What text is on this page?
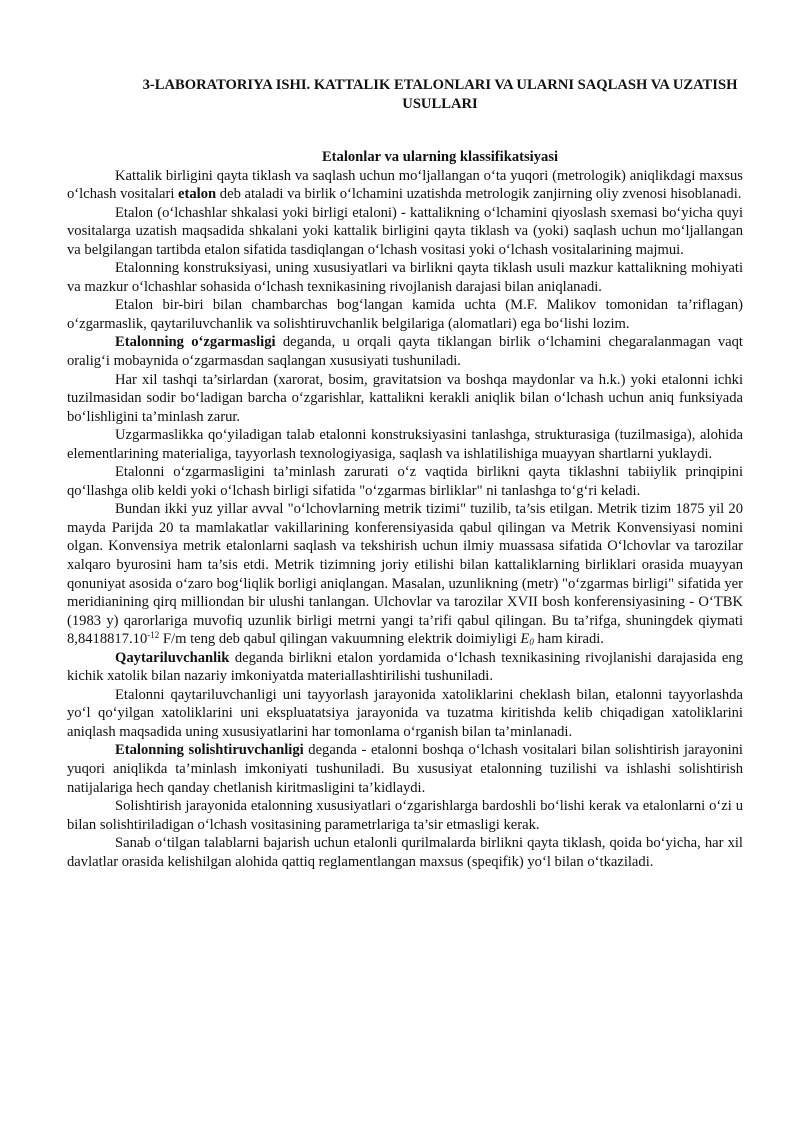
3-LABORATORIYA ISHI. KATTALIK ETALONLARI VA ULARNI SAQLASH VA UZATISH USULLARI
Etalonlar va ularning klassifikatsiyasi

Kattalik birligini qayta tiklash va saqlash uchun mo‘ljallangan o‘ta yuqori (metrologik) aniqlikdagi maxsus o‘lchash vositalari etalon deb ataladi va birlik o‘lchamini uzatishda metrologik zanjirning oliy zvenosi hisoblanadi.

Etalon (o‘lchashlar shkalasi yoki birligi etaloni) - kattalikning o‘lchamini qiyoslash sxemasi bo‘yicha quyi vositalarga uzatish maqsadida shkalani yoki kattalik birligini qayta tiklash va (yoki) saqlash uchun mo‘ljallangan va belgilangan tartibda etalon sifatida tasdiqlangan o‘lchash vositasi yoki o‘lchash vositalarining majmui.

Etalonning konstruksiyasi, uning xususiyatlari va birlikni qayta tiklash usuli mazkur kattalikning mohiyati va mazkur o‘lchashlar sohasida o‘lchash texnikasining rivojlanish darajasi bilan aniqlanadi.

Etalon bir-biri bilan chambarchas bog‘langan kamida uchta (M.F. Malikov tomonidan ta’riflagan) o‘zgarmaslik, qaytariluvchanlik va solishtiruvchanlik belgilariga (alomatlari) ega bo‘lishi lozim.

Etalonning o‘zgarmasligi deganda, u orqali qayta tiklangan birlik o‘lchamini chegaralanmagan vaqt oralig‘i mobaynida o‘zgarmasdan saqlangan xususiyati tushuniladi.

Har xil tashqi ta’sirlardan (xarorat, bosim, gravitatsion va boshqa maydonlar va h.k.) yoki etalonni ichki tuzilmasidan sodir bo‘ladigan barcha o‘zgarishlar, kattalikni kerakli aniqlik bilan o‘lchash uchun aniq funksiyada bo‘lishligini ta’minlash zarur.

Uzgarmaslikka qo‘yiladigan talab etalonni konstruksiyasini tanlashga, strukturasiga (tuzilmasiga), alohida elementlarining materialiga, tayyorlash texnologiyasiga, saqlash va ishlatilishiga muayyan shartlarni yuklaydi.

Etalonni o‘zgarmasligini ta’minlash zarurati o‘z vaqtida birlikni qayta tiklashni tabiiylik prinqipini qo‘llashga olib keldi yoki o‘lchash birligi sifatida "o‘zgarmas birliklar" ni tanlashga to‘g‘ri keladi.

Bundan ikki yuz yillar avval "o‘lchovlarning metrik tizimi" tuzilib, ta’sis etilgan. Metrik tizim 1875 yil 20 mayda Parijda 20 ta mamlakatlar vakillarining konferensiyasida qabul qilingan va Metrik Konvensiyasi nomini olgan. Konvensiya metrik etalonlarni saqlash va tekshirish uchun ilmiy muassasa sifatida O‘lchovlar va tarozilar xalqaro byurosini ham ta’sis etdi. Metrik tizimning joriy etilishi bilan kattaliklarning birliklari orasida muayyan qonuniyat asosida o‘zaro bog‘liqlik borligi aniqlangan. Masalan, uzunlikning (metr) "o‘zgarmas birligi" sifatida yer meridianining qirq milliondan bir ulushi tanlangan. Ulchovlar va tarozilar XVII bosh konferensiyasining - O‘TBK (1983 y) qarorlariga muvofiq uzunlik birligi metrni yangi ta’rifi qabul qilingan. Bu ta’rifga, shuningdek qiymati $8,8418817.10^{-12}$ F/m teng deb qabul qilingan vakuumning elektrik doimiyligi $E_0$ ham kiradi.

Qaytariluvchanlik deganda birlikni etalon yordamida o‘lchash texnikasining rivojlanishi darajasida eng kichik xatolik bilan nazariy imkoniyatda materiallashtirilishi tushuniladi.

Etalonni qaytariluvchanligi uni tayyorlash jarayonida xatoliklarini cheklash bilan, etalonni tayyorlashda yo‘l qo‘yilgan xatoliklarini uni ekspluatatsiya jarayonida va tuzatma kiritishda kelib chiqadigan xatoliklarini aniqlash maqsadida uning xususiyatlarini har tomonlama o‘rganish bilan ta’minlanadi.

Etalonning solishtiruvchanligi deganda - etalonni boshqa o‘lchash vositalari bilan solishtirish jarayonini yuqori aniqlikda ta’minlash imkoniyati tushuniladi. Bu xususiyat etalonning tuzilishi va ishlashi solishtirish natijalariga hech qanday chetlanish kiritmasligini ta’kidlaydi.

Solishtirish jarayonida etalonning xususiyatlari o‘zgarishlarga bardoshli bo‘lishi kerak va etalonlarni o‘zi u bilan solishtiriladigan o‘lchash vositasining parametrlariga ta’sir etmasligi kerak.

Sanab o‘tilgan talablarni bajarish uchun etalonli qurilmalarda birlikni qayta tiklash, qoida bo‘yicha, har xil davlatlar orasida kelishilgan alohida qattiq reglamentlangan maxsus (speqifik) yo‘l bilan o‘tkaziladi.
